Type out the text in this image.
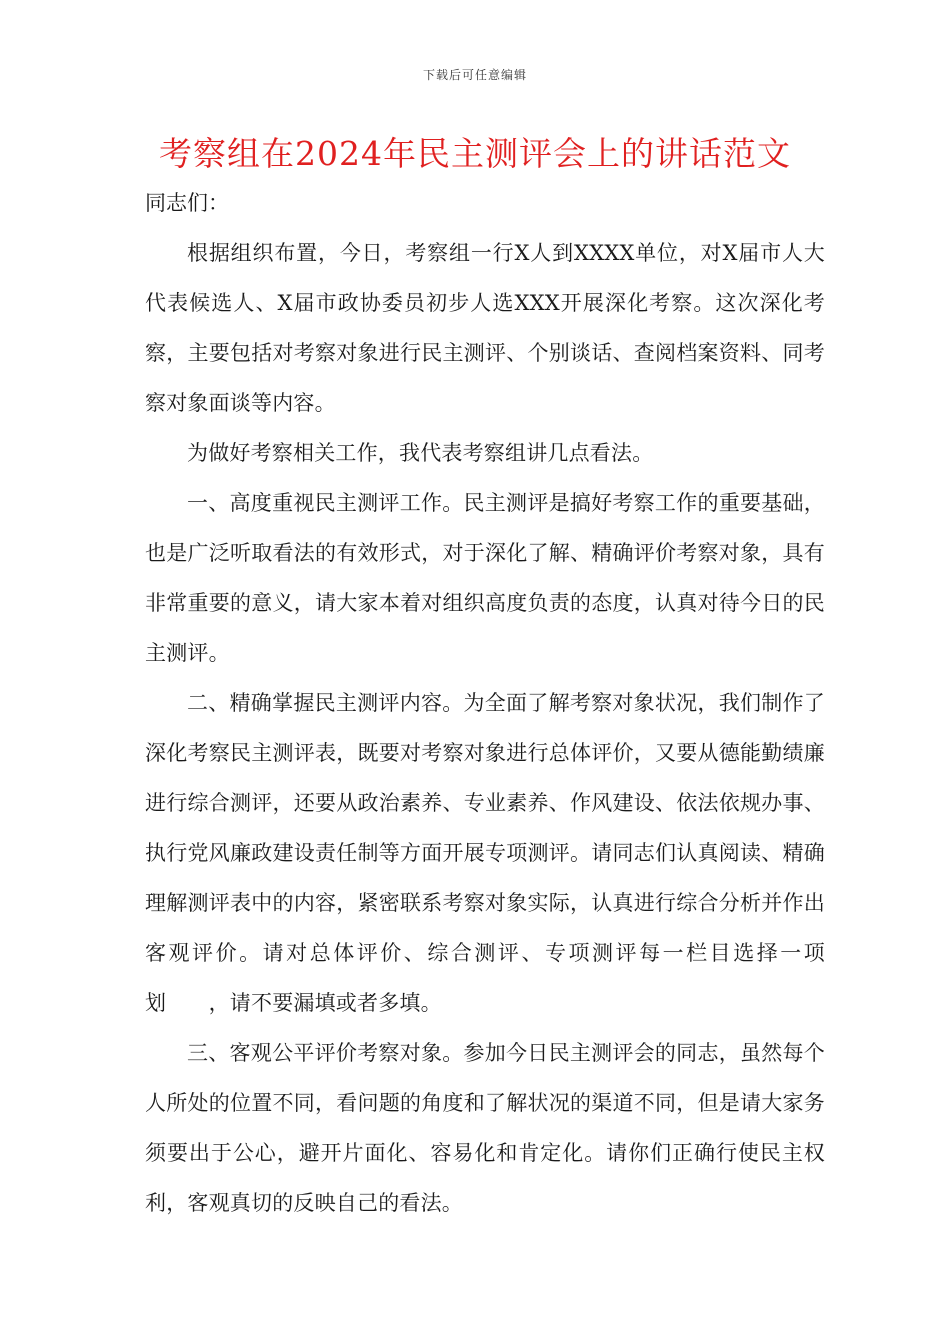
下载后可任意编辑
考察组在2024年民主测评会上的讲话范文

同志们：

根据组织布置，今日，考察组一行X人到XXXX单位，对X届市人大代表候选人、X届市政协委员初步人选XXX开展深化考察。这次深化考察，主要包括对考察对象进行民主测评、个别谈话、查阅档案资料、同考察对象面谈等内容。

为做好考察相关工作，我代表考察组讲几点看法。

一、高度重视民主测评工作。民主测评是搞好考察工作的重要基础，也是广泛听取看法的有效形式，对于深化了解、精确评价考察对象，具有非常重要的意义，请大家本着对组织高度负责的态度，认真对待今日的民主测评。

二、精确掌握民主测评内容。为全面了解考察对象状况，我们制作了深化考察民主测评表，既要对考察对象进行总体评价，又要从德能勤绩廉进行综合测评，还要从政治素养、专业素养、作风建设、依法依规办事、执行党风廉政建设责任制等方面开展专项测评。请同志们认真阅读、精确理解测评表中的内容，紧密联系考察对象实际，认真进行综合分析并作出客观评价。请对总体评价、综合测评、专项测评每一栏目选择一项划　　，请不要漏填或者多填。

三、客观公平评价考察对象。参加今日民主测评会的同志，虽然每个人所处的位置不同，看问题的角度和了解状况的渠道不同，但是请大家务须要出于公心，避开片面化、容易化和肯定化。请你们正确行使民主权利，客观真切的反映自己的看法。
